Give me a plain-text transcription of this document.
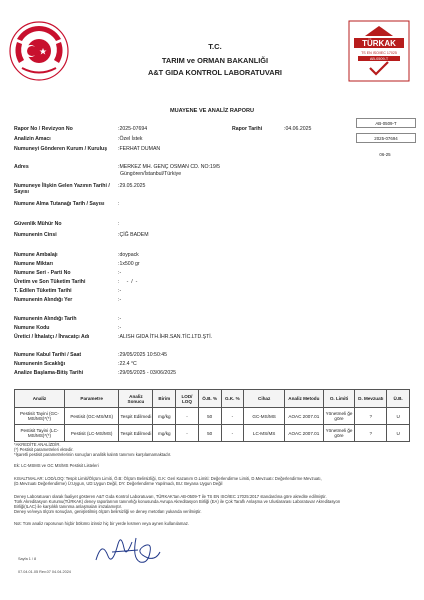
T.C.
TARIM ve ORMAN BAKANLIĞI
A&T GIDA KONTROL LABORATUVARI
TÜRKAK
TS EN ISO/IEC 17025
AB-0509-T
AB-0509-T
2025-07694
06-25
MUAYENE VE ANALİZ RAPORU
Rapor No / Revizyon No	:2025-07694	Rapor Tarihi	:04.06.2025
Analizin Amacı	:Özel İstek
Numuneyi Gönderen Kurum / Kuruluş	:FERHAT DUMAN
Adres	:MERKEZ MH. GENÇ OSMAN CD. NO:19/5
Güngören/İstanbul/Türkiye
Numuneye İlişkin Gelen Yazının Tarihi / Sayısı
:29.05.2025
Numune Alma Tutanağı Tarih / Sayısı	:
Güvenlik Mühür No	:
Numunenin Cinsi	:ÇİĞ BADEM
Numune Ambalajı	:doypack
Numune Miktarı	:1x500 gr
Numune Seri - Parti No	:-
Üretim ve Son Tüketim Tarihi	:     -  /  -
T. Edilen Tüketim Tarihi	:-
Numunenin Alındığı Yer	:-
Numunenin Alındığı Tarih	:-
Numune Kodu	:-
Üretici / İthalatçı / İhracatçı Adı	:ALISH GIDA İTH.İHR.SAN.TİC.LTD.ŞTİ.
Numune Kabul Tarihi / Saat	:29/05/2025 10:50:45
Numunenin Sıcaklığı	:22.4 °C
Analize Başlama-Bitiş Tarihi	:29/05/2025 - 03/06/2025
Analiz	Parametre	Analiz Sonucu	Birim	LOD/ LOQ	Ö.B. %	G.K. %	Cihaz	Analiz Metodu	O. Limiti	D. Mevzuatı	Ü.B.
Pestisit Tayini (GC-MS/MS)*(*)	Pestisit (GC-MS/MS)	Tespit Edilmedi	mg/kg	-	50	-	GC-MS/MS	AOAC 2007.01	Yönetmeli ğe göre	?	U
Pestisit Tayini (LC-MS/MS)*(*)	Pestisit (LC-MS/MS)	Tespit Edilmedi	mg/kg	-	50	-	LC-MS/MS	AOAC 2007.01	Yönetmeli ğe göre	?	U
*AKREDİTE ANALİZDİR.
(*) Pestisit parametreleri ektedir.
*İşaretli pestisit parametrelerinin sonuçları analitik kalıntı tanımını karşılamamaktadır.
Ek: LC-MSMS ve GC MS/MS Pestisit Listeleri
KISALTMALAR: LOD/LOQ: Tespit Limiti/Ölçüm Limiti, Ö.B: Ölçüm Belirsizliği, G.K: Geri Kazanım O.Limiti: Değerlendirme Limiti, D.Mevzuatı: Değerlendirme Mevzuatı,
(D.Mevzuatı Değerlendirme) Ü:Uygun, UD:Uygun Değil, DY: Değerlendirme Yapılmadı, BU: Beyana Uygun Değil
Deney Laboratuvarı olarak faaliyet gösteren A&T Gıda Kontrol Laboratuvarı, TÜRKAK'tan AB-0509-T ile TS EN ISO/IEC 17025:2017 standardına göre akredite edilmiştir.
Türk Akreditasyon Kurumu(TÜRKAK) deney raporlarının tanınırlığı konusunda Avrupa Akreditasyon Birliği (EA) ile Çok Taraflı Anlaşma ve Uluslararası Laboratuvar Akreditasyon
Birliği(ILAC) ile karşılıklı tanınma anlaşmaları imzalamıştır.
Deney ve/veya ölçüm sonuçları, genişletilmiş ölçüm belirsizliği ve deney metotları yukarıda verilmiştir.
Not: Tüm analiz raporunun hiçbir bölümü izinsiz hiç bir yerde kısmen veya aynen kullanılamaz.
Sayfa 1 / 8
07.04.01.05 Rev.07 04.04.2024
